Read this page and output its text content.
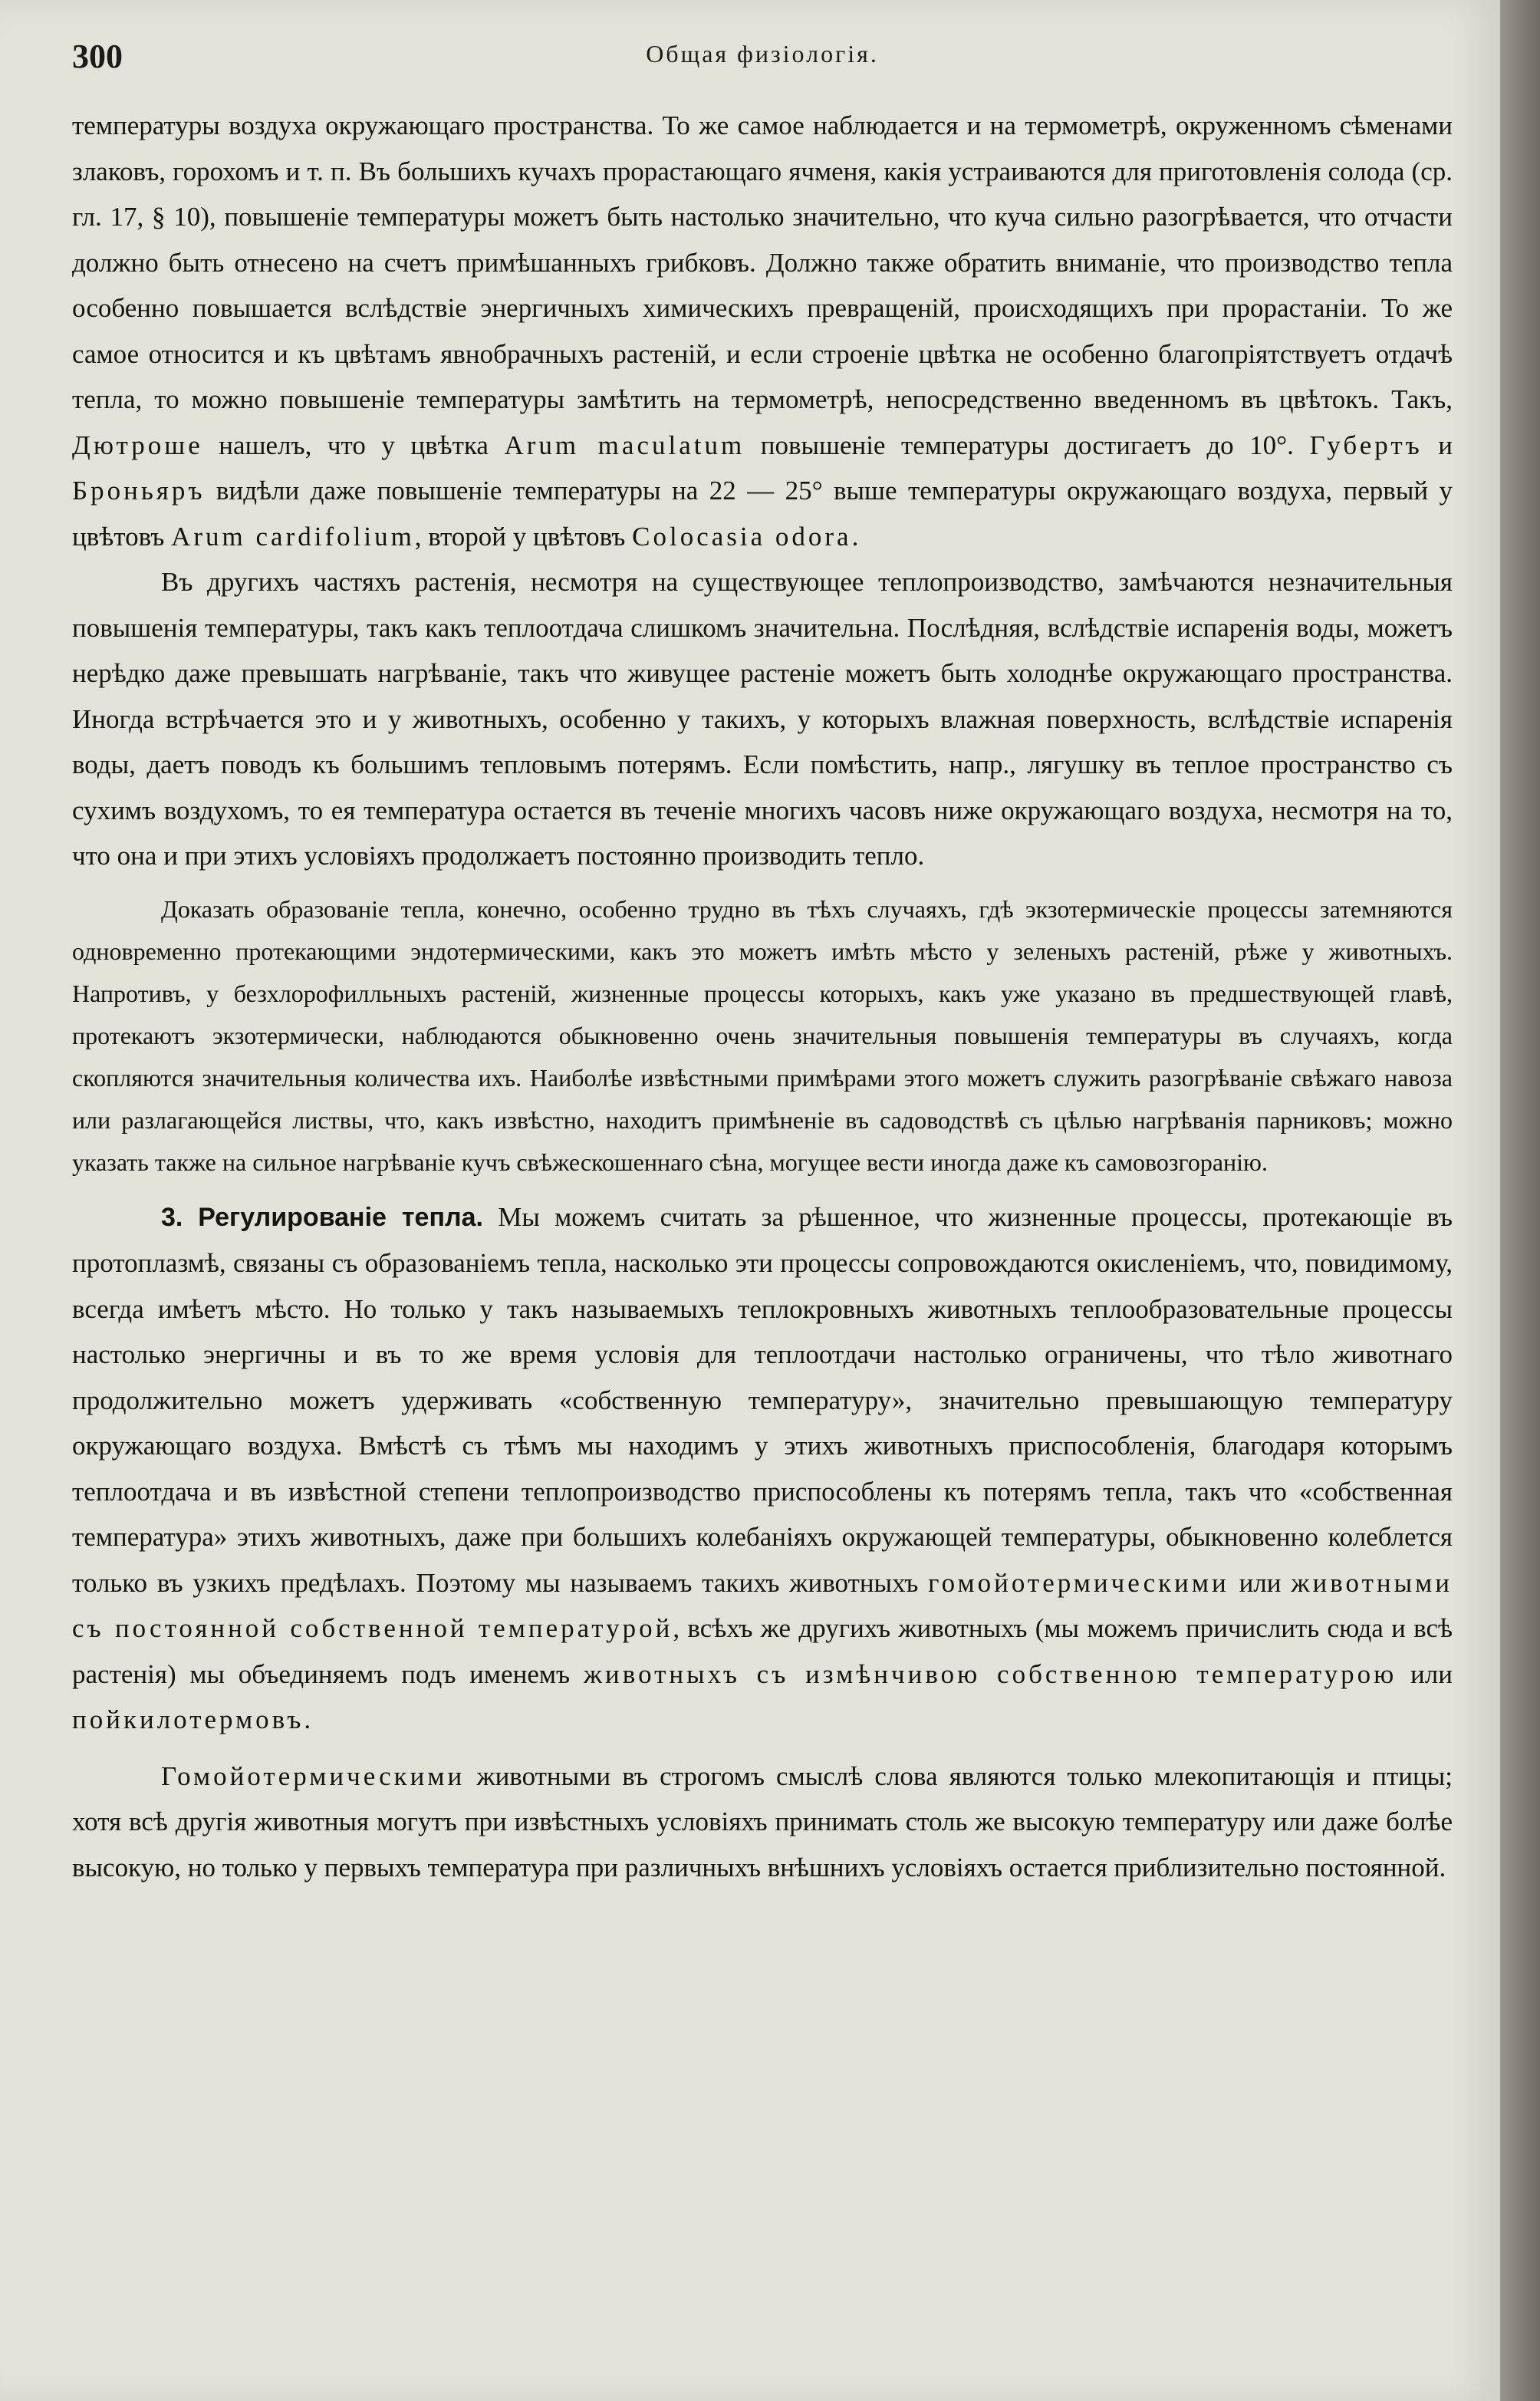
300	Общая физiологiя.

температуры воздуха окружающаго пространства. То же самое наблюдается и на термометрѣ, окруженномъ сѣменами злаковъ, горохомъ и т. п. Въ большихъ кучахъ прорастающаго ячменя, какiя устраиваются для приготовленiя солода (ср. гл. 17, § 10), повышенiе температуры можетъ быть настолько значительно, что куча сильно разогрѣвается, что отчасти должно быть отнесено на счетъ примѣшанныхъ грибковъ. Должно также обратить вниманiе, что производство тепла особенно повышается вслѣдствiе энергичныхъ химическихъ превращенiй, происходящихъ при прорастанiи. То же самое относится и къ цвѣтамъ явнобрачныхъ растенiй, и если строенiе цвѣтка не особенно благопрiятствуетъ отдачѣ тепла, то можно повышенiе температуры замѣтить на термометрѣ, непосредственно введенномъ въ цвѣтокъ. Такъ, Дютроше нашелъ, что у цвѣтка Arum maculatum повышенiе температуры достигаетъ до 10°. Губертъ и Броньяръ видѣли даже повышенiе температуры на 22 — 25° выше температуры окружающаго воздуха, первый у цвѣтовъ Arum cardifolium, второй у цвѣтовъ Colocasia odora.

Въ другихъ частяхъ растенiя, несмотря на существующее теплопроизводство, замѣчаются незначительныя повышенiя температуры, такъ какъ теплоотдача слишкомъ значительна. Послѣдняя, вслѣдствiе испаренiя воды, можетъ нерѣдко даже превышать нагрѣванiе, такъ что живущее растенiе можетъ быть холоднѣе окружающаго пространства. Иногда встрѣчается это и у животныхъ, особенно у такихъ, у которыхъ влажная поверхность, вслѣдствiе испаренiя воды, даетъ поводъ къ большимъ тепловымъ потерямъ. Если помѣстить, напр., лягушку въ теплое пространство съ сухимъ воздухомъ, то ея температура остается въ теченiе многихъ часовъ ниже окружающаго воздуха, несмотря на то, что она и при этихъ условiяхъ продолжаетъ постоянно производить тепло.

Доказать образованiе тепла, конечно, особенно трудно въ тѣхъ случаяхъ, гдѣ экзотермическiе процессы затемняются одновременно протекающими эндотермическими, какъ это можетъ имѣть мѣсто у зеленыхъ растенiй, рѣже у животныхъ. Напротивъ, у безхлорофилльныхъ растенiй, жизненные процессы которыхъ, какъ уже указано въ предшествующей главѣ, протекаютъ экзотермически, наблюдаются обыкновенно очень значительныя повышенiя температуры въ случаяхъ, когда скопляются значительныя количества ихъ. Наиболѣе извѣстными примѣрами этого можетъ служить разогрѣванiе свѣжаго навоза или разлагающейся листвы, что, какъ извѣстно, находитъ примѣненiе въ садоводствѣ съ цѣлью нагрѣванiя парниковъ; можно указать также на сильное нагрѣванiе кучъ свѣжескошеннаго сѣна, могущее вести иногда даже къ самовозгоранiю.

3. Регулированiе тепла. Мы можемъ считать за рѣшенное, что жизненные процессы, протекающiе въ протоплазмѣ, связаны съ образованiемъ тепла, насколько эти процессы сопровождаются окисленiемъ, что, повидимому, всегда имѣетъ мѣсто. Но только у такъ называемыхъ теплокровныхъ животныхъ теплообразовательные процессы настолько энергичны и въ то же время условiя для теплоотдачи настолько ограничены, что тѣло животнаго продолжительно можетъ удерживать «собственную температуру», значительно превышающую температуру окружающаго воздуха. Вмѣстѣ съ тѣмъ мы находимъ у этихъ животныхъ приспособленiя, благодаря которымъ теплоотдача и въ извѣстной степени теплопроизводство приспособлены къ потерямъ тепла, такъ что «собственная температура» этихъ животныхъ, даже при большихъ колебанiяхъ окружающей температуры, обыкновенно колеблется только въ узкихъ предѣлахъ. Поэтому мы называемъ такихъ животныхъ гомойотермическими или животными съ постоянной собственной температурой, всѣхъ же другихъ животныхъ (мы можемъ причислить сюда и всѣ растенiя) мы объединяемъ подъ именемъ животныхъ съ измѣнчивою собственною температурою или пойкилотермовъ.

Гомойотермическими животными въ строгомъ смыслѣ слова являются только млекопитающiя и птицы; хотя всѣ другiя животныя могутъ при извѣстныхъ условiяхъ принимать столь же высокую температуру или даже болѣе высокую, но только у первыхъ температура при различныхъ внѣшнихъ условiяхъ остается приблизительно постоянной.
